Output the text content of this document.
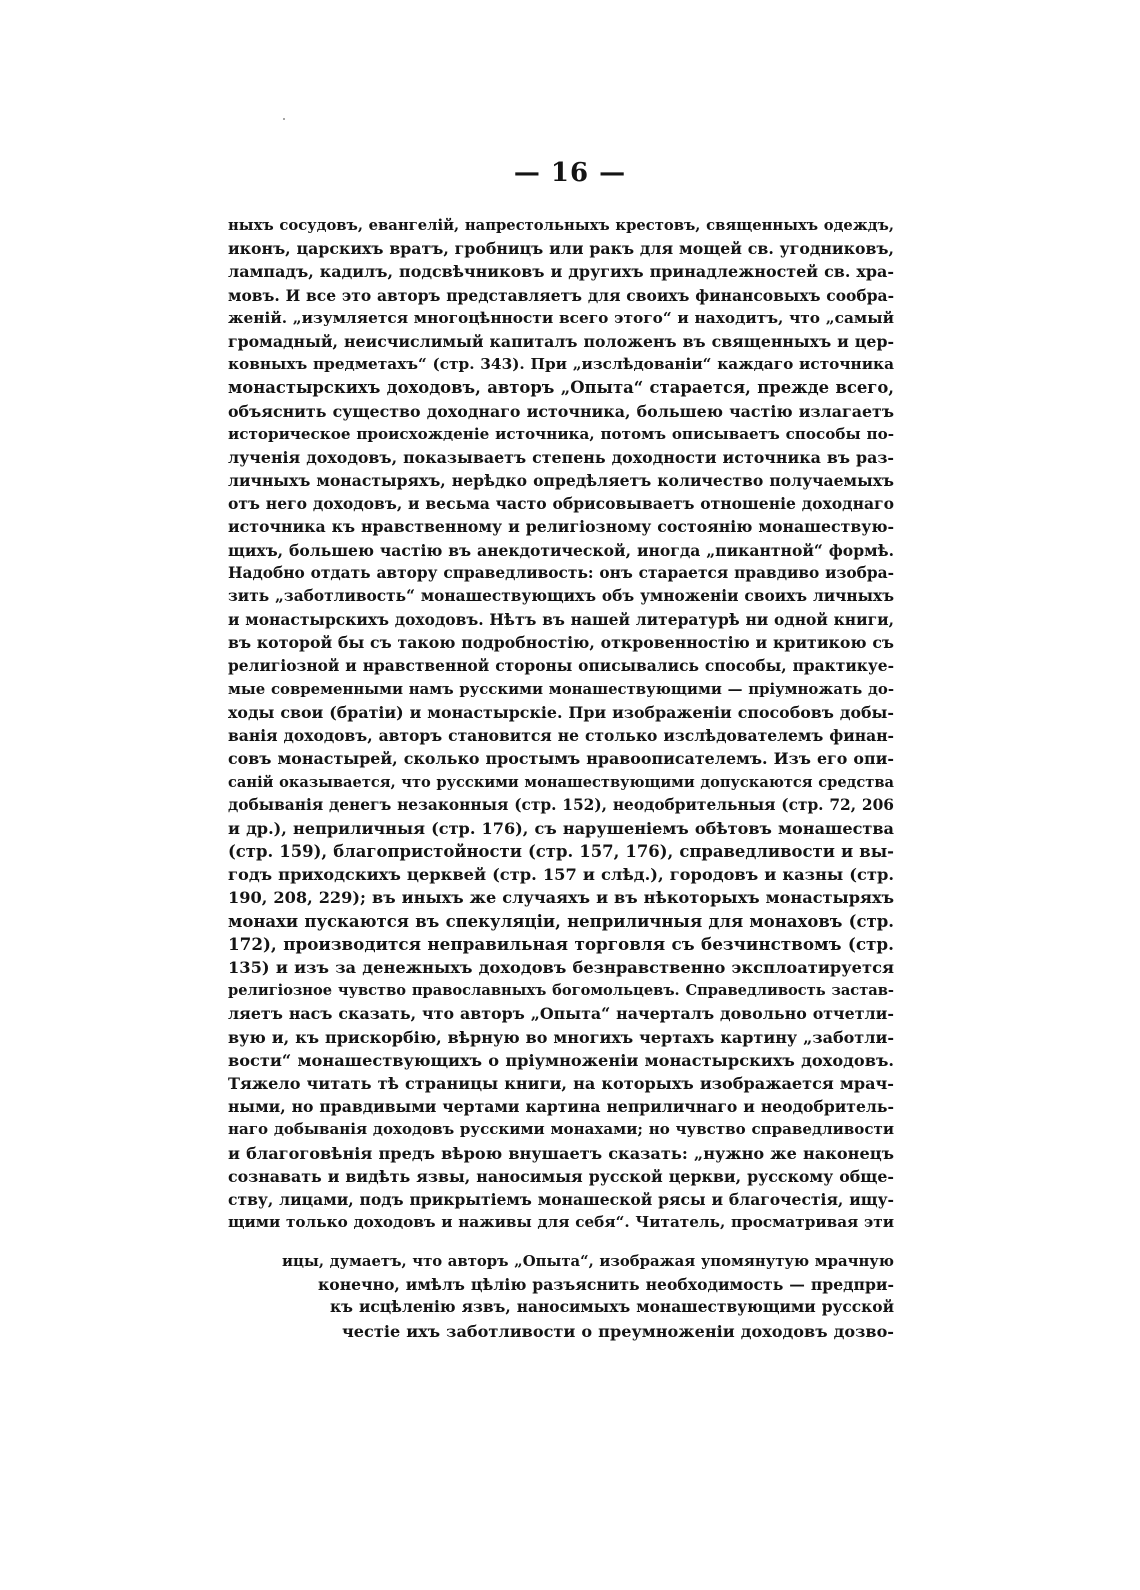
— 16 —
ныхъ сосудовъ, евангелій, напрестольныхъ крестовъ, священныхъ одеждъ,
иконъ, царскихъ вратъ, гробницъ или ракъ для мощей св. угодниковъ,
лампадъ, кадилъ, подсвѣчниковъ и другихъ принадлежностей св. хра-
мовъ. И все это авторъ представляетъ для своихъ финансовыхъ сообра-
женій. „изумляется многоцѣнности всего этого“ и находитъ, что „самый
громадный, неисчислимый капиталъ положенъ въ священныхъ и цер-
ковныхъ предметахъ“ (стр. 343). При „изслѣдованіи“ каждаго источника
монастырскихъ доходовъ, авторъ „Опыта“ старается, прежде всего,
объяснить существо доходнаго источника, большею частію излагаетъ
историческое происхожденіе источника, потомъ описываетъ способы по-
лученія доходовъ, показываетъ степень доходности источника въ раз-
личныхъ монастыряхъ, нерѣдко опредѣляетъ количество получаемыхъ
отъ него доходовъ, и весьма часто обрисовываетъ отношеніе доходнаго
источника къ нравственному и религіозному состоянію монашествую-
щихъ, большею частію въ анекдотической, иногда „пикантной“ формѣ.
Надобно отдать автору справедливость: онъ старается правдиво изобра-
зить „заботливость“ монашествующихъ объ умноженіи своихъ личныхъ
и монастырскихъ доходовъ. Нѣтъ въ нашей литературѣ ни одной книги,
въ которой бы съ такою подробностію, откровенностію и критикою съ
религіозной и нравственной стороны описывались способы, практикуе-
мые современными намъ русскими монашествующими — пріумножать до-
ходы свои (братіи) и монастырскіе. При изображеніи способовъ добы-
ванія доходовъ, авторъ становится не столько изслѣдователемъ финан-
совъ монастырей, сколько простымъ нравоописателемъ. Изъ его опи-
саній оказывается, что русскими монашествующими допускаются средства
добыванія денегъ незаконныя (стр. 152), неодобрительныя (стр. 72, 206
и др.), неприличныя (стр. 176), съ нарушеніемъ обѣтовъ монашества
(стр. 159), благопристойности (стр. 157, 176), справедливости и вы-
годъ приходскихъ церквей (стр. 157 и слѣд.), городовъ и казны (стр.
190, 208, 229); въ иныхъ же случаяхъ и въ нѣкоторыхъ монастыряхъ
монахи пускаются въ спекуляціи, неприличныя для монаховъ (стр.
172), производится неправильная торговля съ безчинствомъ (стр.
135) и изъ за денежныхъ доходовъ безнравственно эксплоатируется
религіозное чувство православныхъ богомольцевъ. Справедливость застав-
ляетъ насъ сказать, что авторъ „Опыта“ начерталъ довольно отчетли-
вую и, къ прискорбію, вѣрную во многихъ чертахъ картину „заботли-
вости“ монашествующихъ о пріумноженіи монастырскихъ доходовъ.
Тяжело читать тѣ страницы книги, на которыхъ изображается мрач-
ными, но правдивыми чертами картина неприличнаго и неодобритель-
наго добыванія доходовъ русскими монахами; но чувство справедливости
и благоговѣнія предъ вѣрою внушаетъ сказать: „нужно же наконецъ
сознавать и видѣть язвы, наносимыя русской церкви, русскому обще-
ству, лицами, подъ прикрытіемъ монашеской рясы и благочестія, ищу-
щими только доходовъ и наживы для себя“. Читатель, просматривая эти
ицы, думаетъ, что авторъ „Опыта“, изображая упомянутую мрачную
конечно, имѣлъ цѣлію разъяснить необходимость — предпри-
къ исцѣленію язвъ, наносимыхъ монашествующими русской
честіе ихъ заботливости о преумноженіи доходовъ дозво-
